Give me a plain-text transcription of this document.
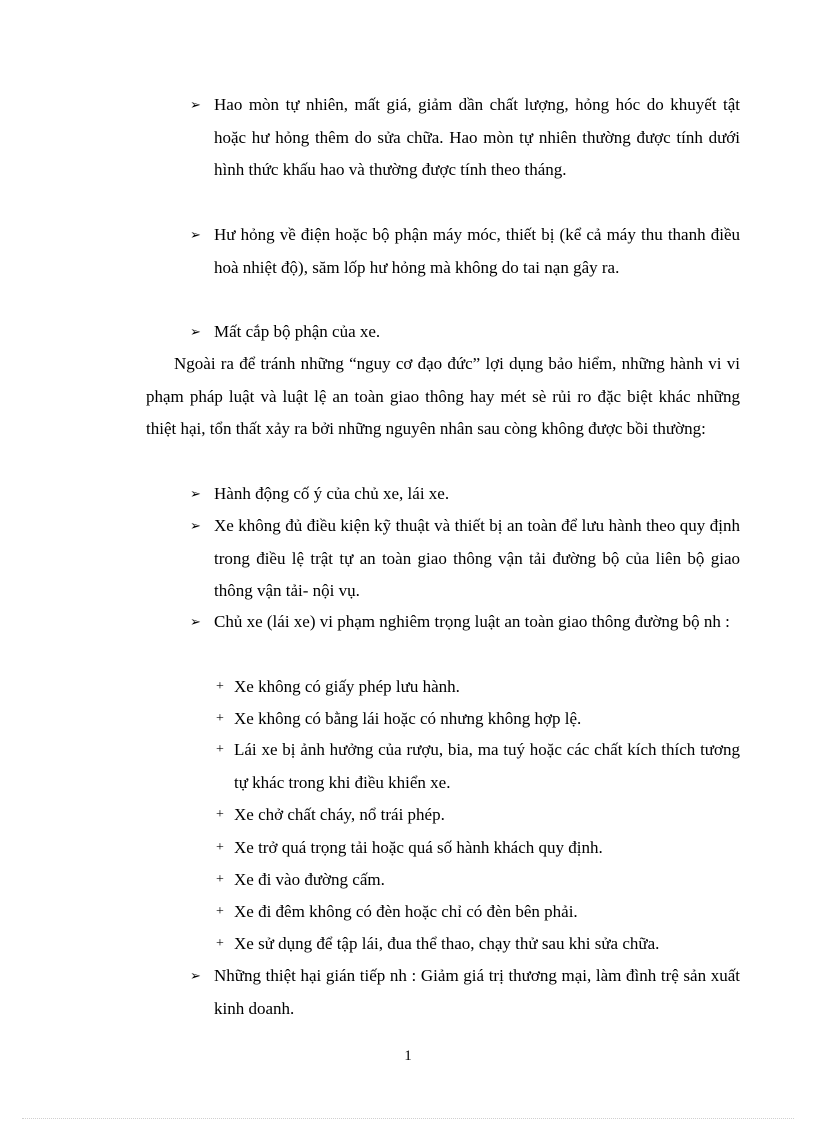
➢ Hao mòn tự nhiên, mất giá, giảm dần chất lượng, hỏng hóc do khuyết tật hoặc hư hỏng thêm do sửa chữa. Hao mòn tự nhiên thường được tính dưới hình thức khấu hao và thường được tính theo tháng.
➢ Hư hỏng về điện hoặc bộ phận máy móc, thiết bị (kể cả máy thu thanh điều hoà nhiệt độ), săm lốp hư hỏng mà không do tai nạn gây ra.
➢ Mất cắp bộ phận của xe.
Ngoài ra để tránh những “nguy cơ đạo đức” lợi dụng bảo hiểm, những hành vi vi phạm pháp luật và luật lệ an toàn giao thông hay mét sè rủi ro đặc biệt khác những thiệt hại, tổn thất xảy ra bởi những nguyên nhân sau còng không được bồi thường:
➢ Hành động cố ý của chủ xe, lái xe.
➢ Xe không đủ điều kiện kỹ thuật và thiết bị an toàn để lưu hành theo quy định trong điều lệ trật tự an toàn giao thông vận tải đường bộ của liên bộ giao thông vận tải- nội vụ.
➢ Chủ xe (lái xe) vi phạm nghiêm trọng luật an toàn giao thông đường bộ nh :
+ Xe không có giấy phép lưu hành.
+ Xe không có bằng lái hoặc có nhưng không hợp lệ.
+ Lái xe bị ảnh hưởng của rượu, bia, ma tuý hoặc các chất kích thích tương tự khác trong khi điều khiển xe.
+ Xe chở chất cháy, nổ trái phép.
+ Xe trở quá trọng tải hoặc quá số hành khách quy định.
+ Xe đi vào đường cấm.
+ Xe đi đêm không có đèn hoặc chỉ có đèn bên phải.
+ Xe sử dụng để tập lái, đua thể thao, chạy thử sau khi sửa chữa.
➢ Những thiệt hại gián tiếp nh : Giảm giá trị thương mại, làm đình trệ sản xuất kinh doanh.
1
